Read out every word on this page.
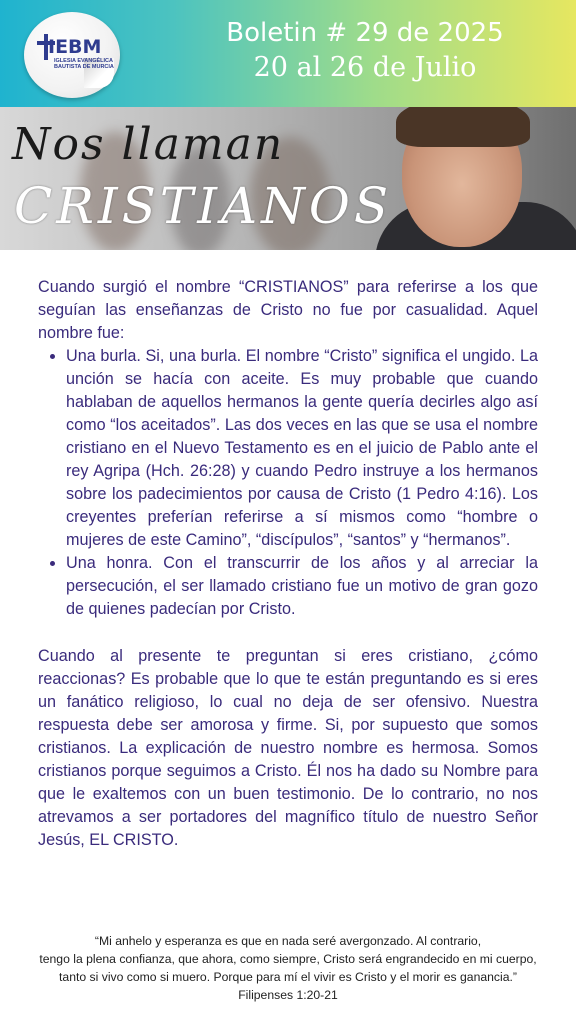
IEBM
IGLESIA EVANGÉLICA BAUTISTA DE MURCIA
Boletin # 29 de 2025
20 al 26 de Julio
Nos llaman
CRISTIANOS

Cuando surgió el nombre “CRISTIANOS” para referirse a los que seguían las enseñanzas de Cristo no fue por casualidad. Aquel nombre fue:

• Una burla. Si, una burla. El nombre “Cristo” significa el ungido. La unción se hacía con aceite. Es muy probable que cuando hablaban de aquellos hermanos la gente quería decirles algo así como “los aceitados”. Las dos veces en las que se usa el nombre cristiano en el Nuevo Testamento es en el juicio de Pablo ante el rey Agripa (Hch. 26:28) y cuando Pedro instruye a los hermanos sobre los padecimientos por causa de Cristo (1 Pedro 4:16). Los creyentes preferían referirse a sí mismos como “hombre o mujeres de este Camino”, “discípulos”, “santos” y “hermanos”.
• Una honra. Con el transcurrir de los años y al arreciar la persecución, el ser llamado cristiano fue un motivo de gran gozo de quienes padecían por Cristo.

Cuando al presente te preguntan si eres cristiano, ¿cómo reaccionas? Es probable que lo que te están preguntando es si eres un fanático religioso, lo cual no deja de ser ofensivo. Nuestra respuesta debe ser amorosa y firme. Si, por supuesto que somos cristianos. La explicación de nuestro nombre es hermosa. Somos cristianos porque seguimos a Cristo. Él nos ha dado su Nombre para que le exaltemos con un buen testimonio. De lo contrario, no nos atrevamos a ser portadores del magnífico título de nuestro Señor Jesús, EL CRISTO.

“Mi anhelo y esperanza es que en nada seré avergonzado. Al contrario,
tengo la plena confianza, que ahora, como siempre, Cristo será engrandecido en mi cuerpo,
tanto si vivo como si muero. Porque para mí el vivir es Cristo y el morir es ganancia.”
Filipenses 1:20-21
